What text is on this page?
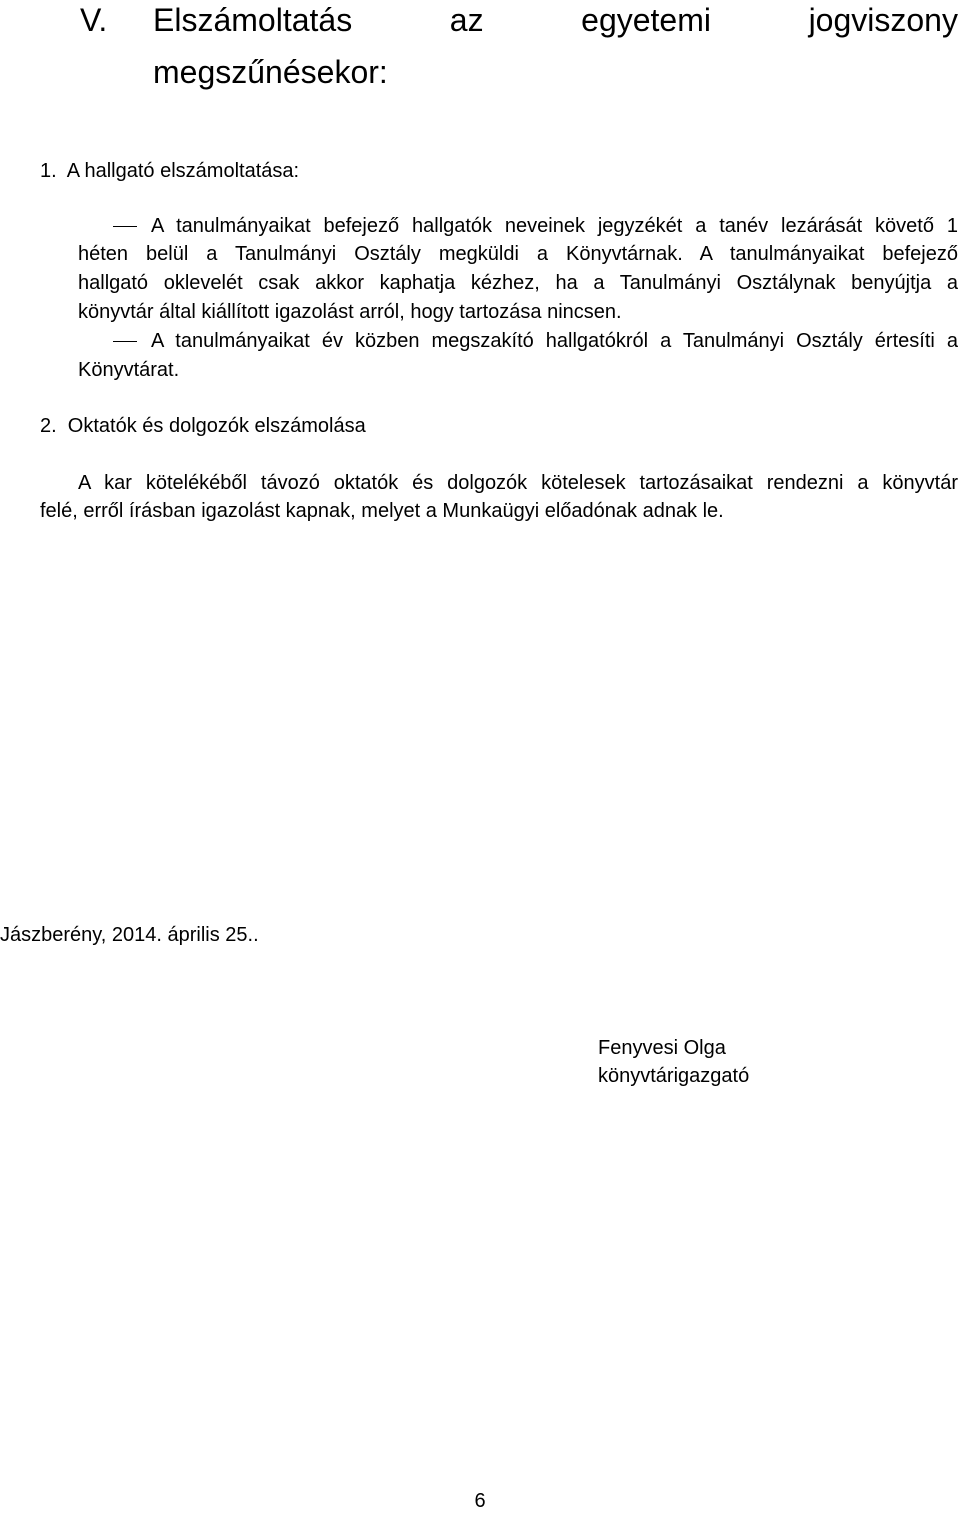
V. Elszámoltatás	az	egyetemi	jogviszony
megszűnésekor:
1.  A hallgató elszámoltatása:
A tanulmányaikat befejező hallgatók neveinek jegyzékét a tanév lezárását követő 1
héten belül a Tanulmányi Osztály megküldi a Könyvtárnak. A tanulmányaikat befejező
hallgató oklevelét csak akkor kaphatja kézhez, ha a Tanulmányi Osztálynak benyújtja a
könyvtár által kiállított igazolást arról, hogy tartozása nincsen.
A tanulmányaikat év közben megszakító hallgatókról a Tanulmányi Osztály értesíti a
Könyvtárat.
2.  Oktatók és dolgozók elszámolása
A kar kötelékéből távozó oktatók és dolgozók kötelesek tartozásaikat rendezni a könyvtár
felé, erről írásban igazolást kapnak, melyet a Munkaügyi előadónak adnak le.
Jászberény, 2014. április 25..
Fenyvesi Olga
könyvtárigazgató
6
